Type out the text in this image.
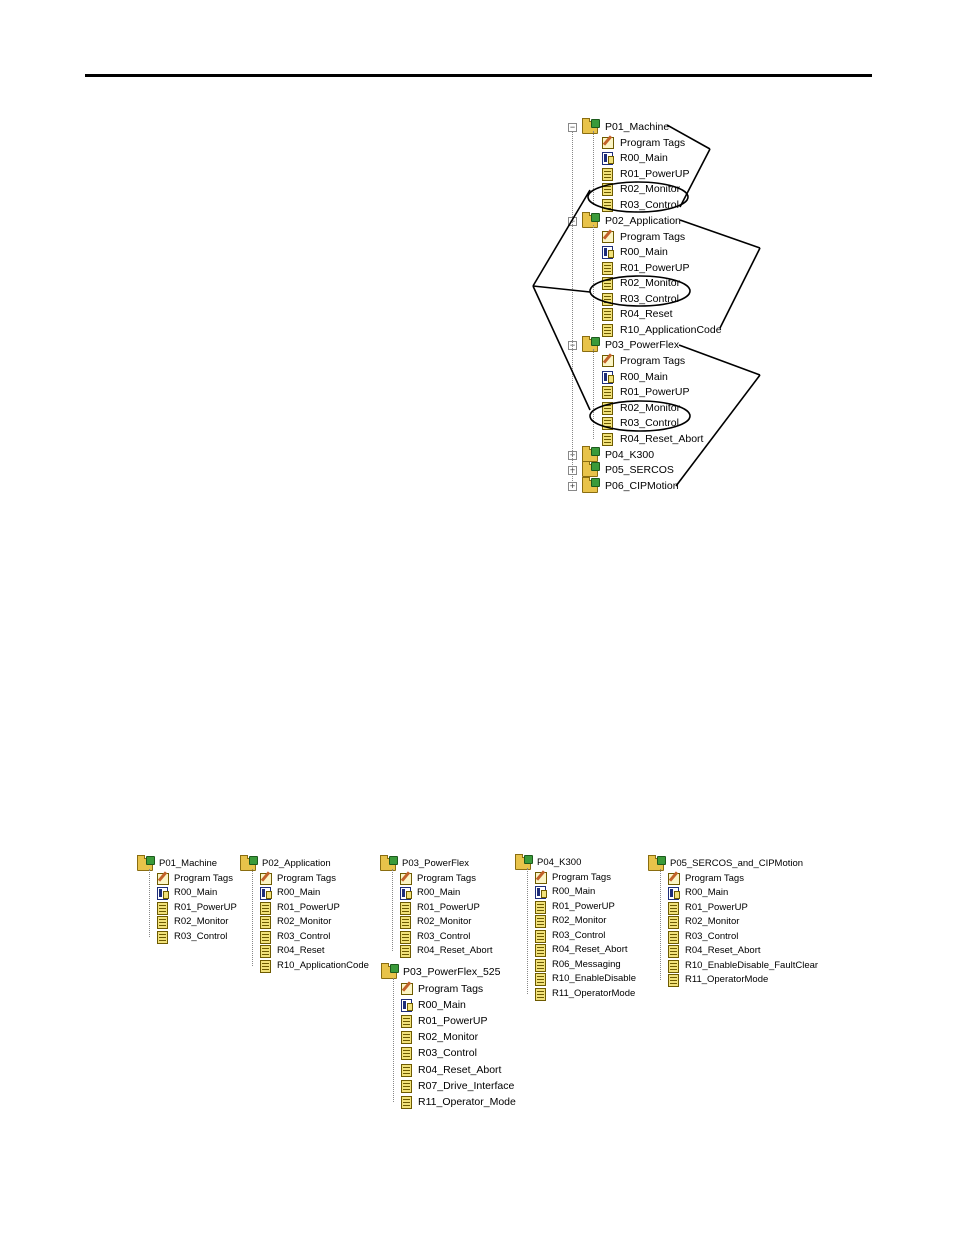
−	P01_Machine
Program Tags
R00_Main
R01_PowerUP
R02_Monitor
R03_Control
−	P02_Application
Program Tags
R00_Main
R01_PowerUP
R02_Monitor
R03_Control
R04_Reset
R10_ApplicationCode
−	P03_PowerFlex
Program Tags
R00_Main
R01_PowerUP
R02_Monitor
R03_Control
R04_Reset_Abort
+	P04_K300
+	P05_SERCOS
+	P06_CIPMotion
P01_Machine
Program Tags
R00_Main
R01_PowerUP
R02_Monitor
R03_Control
P02_Application
Program Tags
R00_Main
R01_PowerUP
R02_Monitor
R03_Control
R04_Reset
R10_ApplicationCode
P03_PowerFlex
Program Tags
R00_Main
R01_PowerUP
R02_Monitor
R03_Control
R04_Reset_Abort
P03_PowerFlex_525
Program Tags
R00_Main
R01_PowerUP
R02_Monitor
R03_Control
R04_Reset_Abort
R07_Drive_Interface
R11_Operator_Mode
P04_K300
Program Tags
R00_Main
R01_PowerUP
R02_Monitor
R03_Control
R04_Reset_Abort
R06_Messaging
R10_EnableDisable
R11_OperatorMode
P05_SERCOS_and_CIPMotion
Program Tags
R00_Main
R01_PowerUP
R02_Monitor
R03_Control
R04_Reset_Abort
R10_EnableDisable_FaultClear
R11_OperatorMode
